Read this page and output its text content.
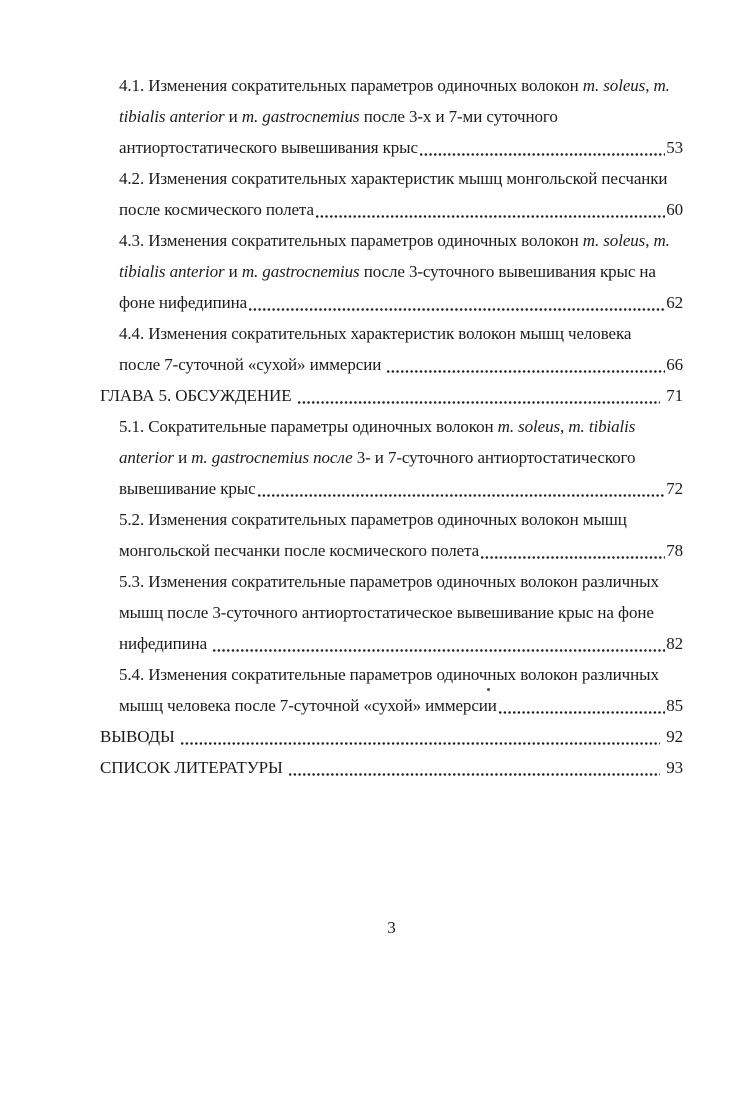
4.1. Изменения сократительных параметров одиночных волокон m. soleus, m.
tibialis anterior и m. gastrocnemius после 3-х и 7-ми суточного
антиортостатического вывешивания крыс	53
4.2. Изменения сократительных характеристик мышц монгольской песчанки
после космического полета	60
4.3. Изменения сократительных параметров одиночных волокон m. soleus, m.
tibialis anterior и m. gastrocnemius после 3-суточного вывешивания крыс на
фоне нифедипина	62
4.4. Изменения сократительных характеристик волокон мышц человека
после 7-суточной «сухой» иммерсии	66
ГЛАВА 5. ОБСУЖДЕНИЕ	71
5.1. Сократительные параметры одиночных волокон m. soleus, m. tibialis
anterior и m. gastrocnemius после 3- и 7-суточного антиортостатического
вывешивание крыс	72
5.2. Изменения сократительных параметров одиночных волокон мышц
монгольской песчанки после космического полета	78
5.3. Изменения сократительные параметров одиночных волокон различных
мышц после 3-суточного антиортостатическое вывешивание крыс на фоне
нифедипина	82
5.4. Изменения сократительные параметров одиночных волокон различных
мышц человека после 7-суточной «сухой» иммерсии	85
ВЫВОДЫ	92
СПИСОК ЛИТЕРАТУРЫ	93
3
